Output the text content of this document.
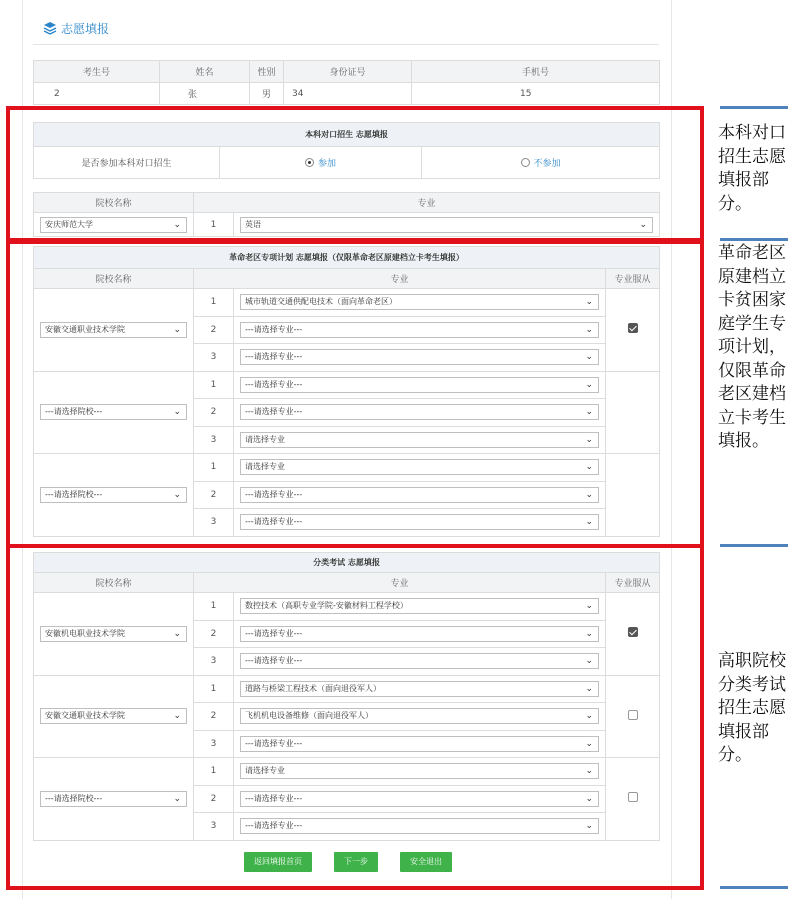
志愿填报
考生号	姓名	性别	身份证号	手机号
2	张	男	34	15
本科对口招生 志愿填报
是否参加本科对口招生	参加	不参加
院校名称	专业	

安庆师范大学 ⌄	1	英语 ⌄
革命老区专项计划 志愿填报（仅限革命老区原建档立卡考生填报）			
院校名称	专业		专业服从

安徽交通职业技术学院 ⌄	1	城市轨道交通供配电技术（面向革命老区） ⌄	

	2	---请选择专业--- ⌄	

	3	---请选择专业--- ⌄	

---请选择院校--- ⌄	1	---请选择专业--- ⌄	

	2	---请选择专业--- ⌄	

	3	请选择专业 ⌄	

---请选择院校--- ⌄	1	请选择专业 ⌄	

	2	---请选择专业--- ⌄	

	3	---请选择专业--- ⌄	
分类考试 志愿填报			
院校名称	专业		专业服从

安徽机电职业技术学院 ⌄	1	数控技术（高职专业学院-安徽材料工程学校） ⌄	

	2	---请选择专业--- ⌄	

	3	---请选择专业--- ⌄	

安徽交通职业技术学院 ⌄	1	道路与桥梁工程技术（面向退役军人） ⌄	

	2	飞机机电设备维修（面向退役军人） ⌄	

	3	---请选择专业--- ⌄	

---请选择院校--- ⌄	1	请选择专业 ⌄	

	2	---请选择专业--- ⌄	

	3	---请选择专业--- ⌄	
返回填报首页	下一步	安全退出
本科对口招生志愿填报部分。
革命老区原建档立卡贫困家庭学生专项计划，仅限革命老区建档立卡考生填报。
高职院校分类考试招生志愿填报部分。
